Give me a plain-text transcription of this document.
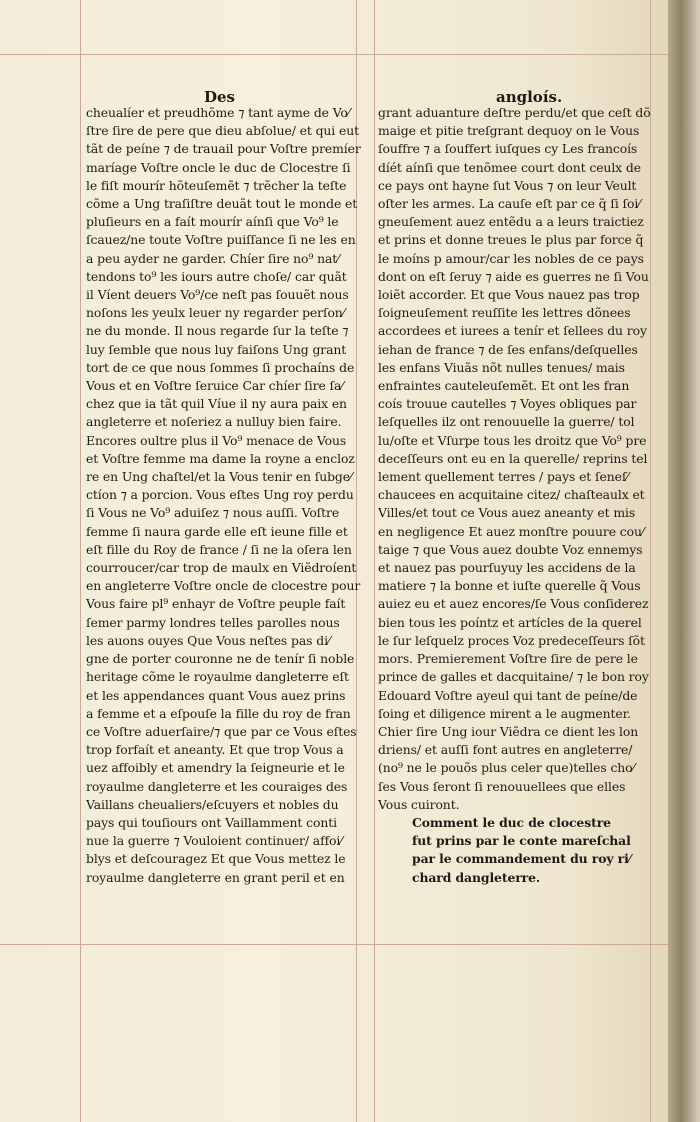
Des	angloís.
cheualíer et preudhõme ⁊ tant ayme de Vo⁄
ſtre ſire de pere que dieu abſolue/ et qui eut
tãt de peíne ⁊ de trauail pour Voſtre premíer
maríage Voſtre oncle le duc de Clocestre ſi
le fiſt mourír hõteuſemẽt ⁊ trẽcher la teſte
cõme a Ung traſiſtre deuãt tout le monde et
pluſieurs en a faít mourír aínſi que Vo⁹ le
ſcauez/ne toute Voſtre puiſſance ſi ne les en
a peu ayder ne garder. Chíer ſire no⁹ nat⁄
tendons to⁹ les iours autre choſe/ car quãt
il Víent deuers Vo⁹/ce neſt pas ſouuẽt nous
noſons les yeulx leuer ny regarder perſon⁄
ne du monde. Il nous regarde ſur la teſte ⁊
luy ſemble que nous luy faiſons Ung grant
tort de ce que nous ſommes ſi prochaíns de
Vous et en Voſtre ſeruice Car chíer ſire ſa⁄
chez que ia tãt quil Víue il ny aura paix en
angleterre et noſeriez a nulluy bien faire.
Encores oultre plus il Vo⁹ menace de Vous
et Voſtre femme ma dame la royne a encloz
re en Ung chaſtel/et la Vous tenir en ſubge⁄
ctíon ⁊ a porcion. Vous eſtes Ung roy perdu
ſi Vous ne Vo⁹ aduiſez ⁊ nous auſſi. Voſtre
femme ſi naura garde elle eſt ieune fille et
eſt fille du Roy de france / ſi ne la oſera len
courroucer/car trop de maulx en Viẽdroíent
en angleterre Voſtre oncle de clocestre pour
Vous faire pl⁹ enhayr de Voſtre peuple faít
ſemer parmy londres telles parolles nous
les auons ouyes Que Vous neſtes pas di⁄
gne de porter couronne ne de tenír ſi noble
heritage cõme le royaulme dangleterre eſt
et les appendances quant Vous auez prins
a femme et a eſpouſe la fille du roy de fran
ce Voſtre aduerſaire/⁊ que par ce Vous eſtes
trop forfaít et aneanty. Et que trop Vous a
uez affoibly et amendry la ſeigneurie et le
royaulme dangleterre et les couraiges des
Vaillans cheualiers/eſcuyers et nobles du
pays qui touſiours ont Vaillamment conti
nue la guerre ⁊ Vouloient continuer/ affoi⁄
blys et deſcouragez Et que Vous mettez le
royaulme dangleterre en grant peril et en
grant aduanture deſtre perdu/et que ceſt dõ
maige et pitie treſgrant dequoy on le Vous
ſouffre ⁊ a ſouffert iuſques cy Les francoís
díét aínſi que tenõmee court dont ceulx de
ce pays ont hayne ſut Vous ⁊ on leur Veult
oſter les armes. La cauſe eſt par ce q̃ ſi ſoi⁄
gneuſement auez entẽdu a a leurs traictiez
et prins et donne treues le plus par force q̃
le moíns p amour/car les nobles de ce pays
dont on eſt ſeruy ⁊ aide es guerres ne ſi Vou
loiẽt accorder. Et que Vous nauez pas trop
ſoigneuſement reuſſite les lettres dõnees
accordees et iurees a tenír et ſellees du roy
iehan de france ⁊ de ſes enfans/deſquelles
les enfans Viuãs nõt nulles tenues/ mais
enfraintes cauteleuſemẽt. Et ont les fran
coís trouue cautelles ⁊ Voyes obliques par
leſquelles ilz ont renouuelle la guerre/ tol
lu/oſte et Vſurpe tous les droitz que Vo⁹ pre
deceſſeurs ont eu en la querelle/ reprins tel
lement quellement terres / pays et ſeneſ⁄
chaucees en acquitaine citez/ chaſteaulx et
Villes/et tout ce Vous auez aneanty et mis
en negligence Et auez monſtre pouure cou⁄
taige ⁊ que Vous auez doubte Voz ennemys
et nauez pas pourſuyuy les accidens de la
matiere ⁊ la bonne et iuſte querelle q̃ Vous
auiez eu et auez encores/ſe Vous conſiderez
bien tous les poíntz et artícles de la querel
le ſur leſquelz proces Voz predeceſſeurs ſõt
mors. Premierement Voſtre ſire de pere le
prince de galles et dacquitaine/ ⁊ le bon roy
Edouard Voſtre ayeul qui tant de peíne/de
ſoing et diligence mirent a le augmenter.
Chier ſire Ung iour Viẽdra ce dient les lon
driens/ et auſſi font autres en angleterre/
(no⁹ ne le pouõs plus celer que)telles cho⁄
ſes Vous ſeront ſi renouuellees que elles
Vous cuiront.
Comment le duc de clocestre
fut prins par le conte mareſchal
par le commandement du roy ri⁄
chard dangleterre.
